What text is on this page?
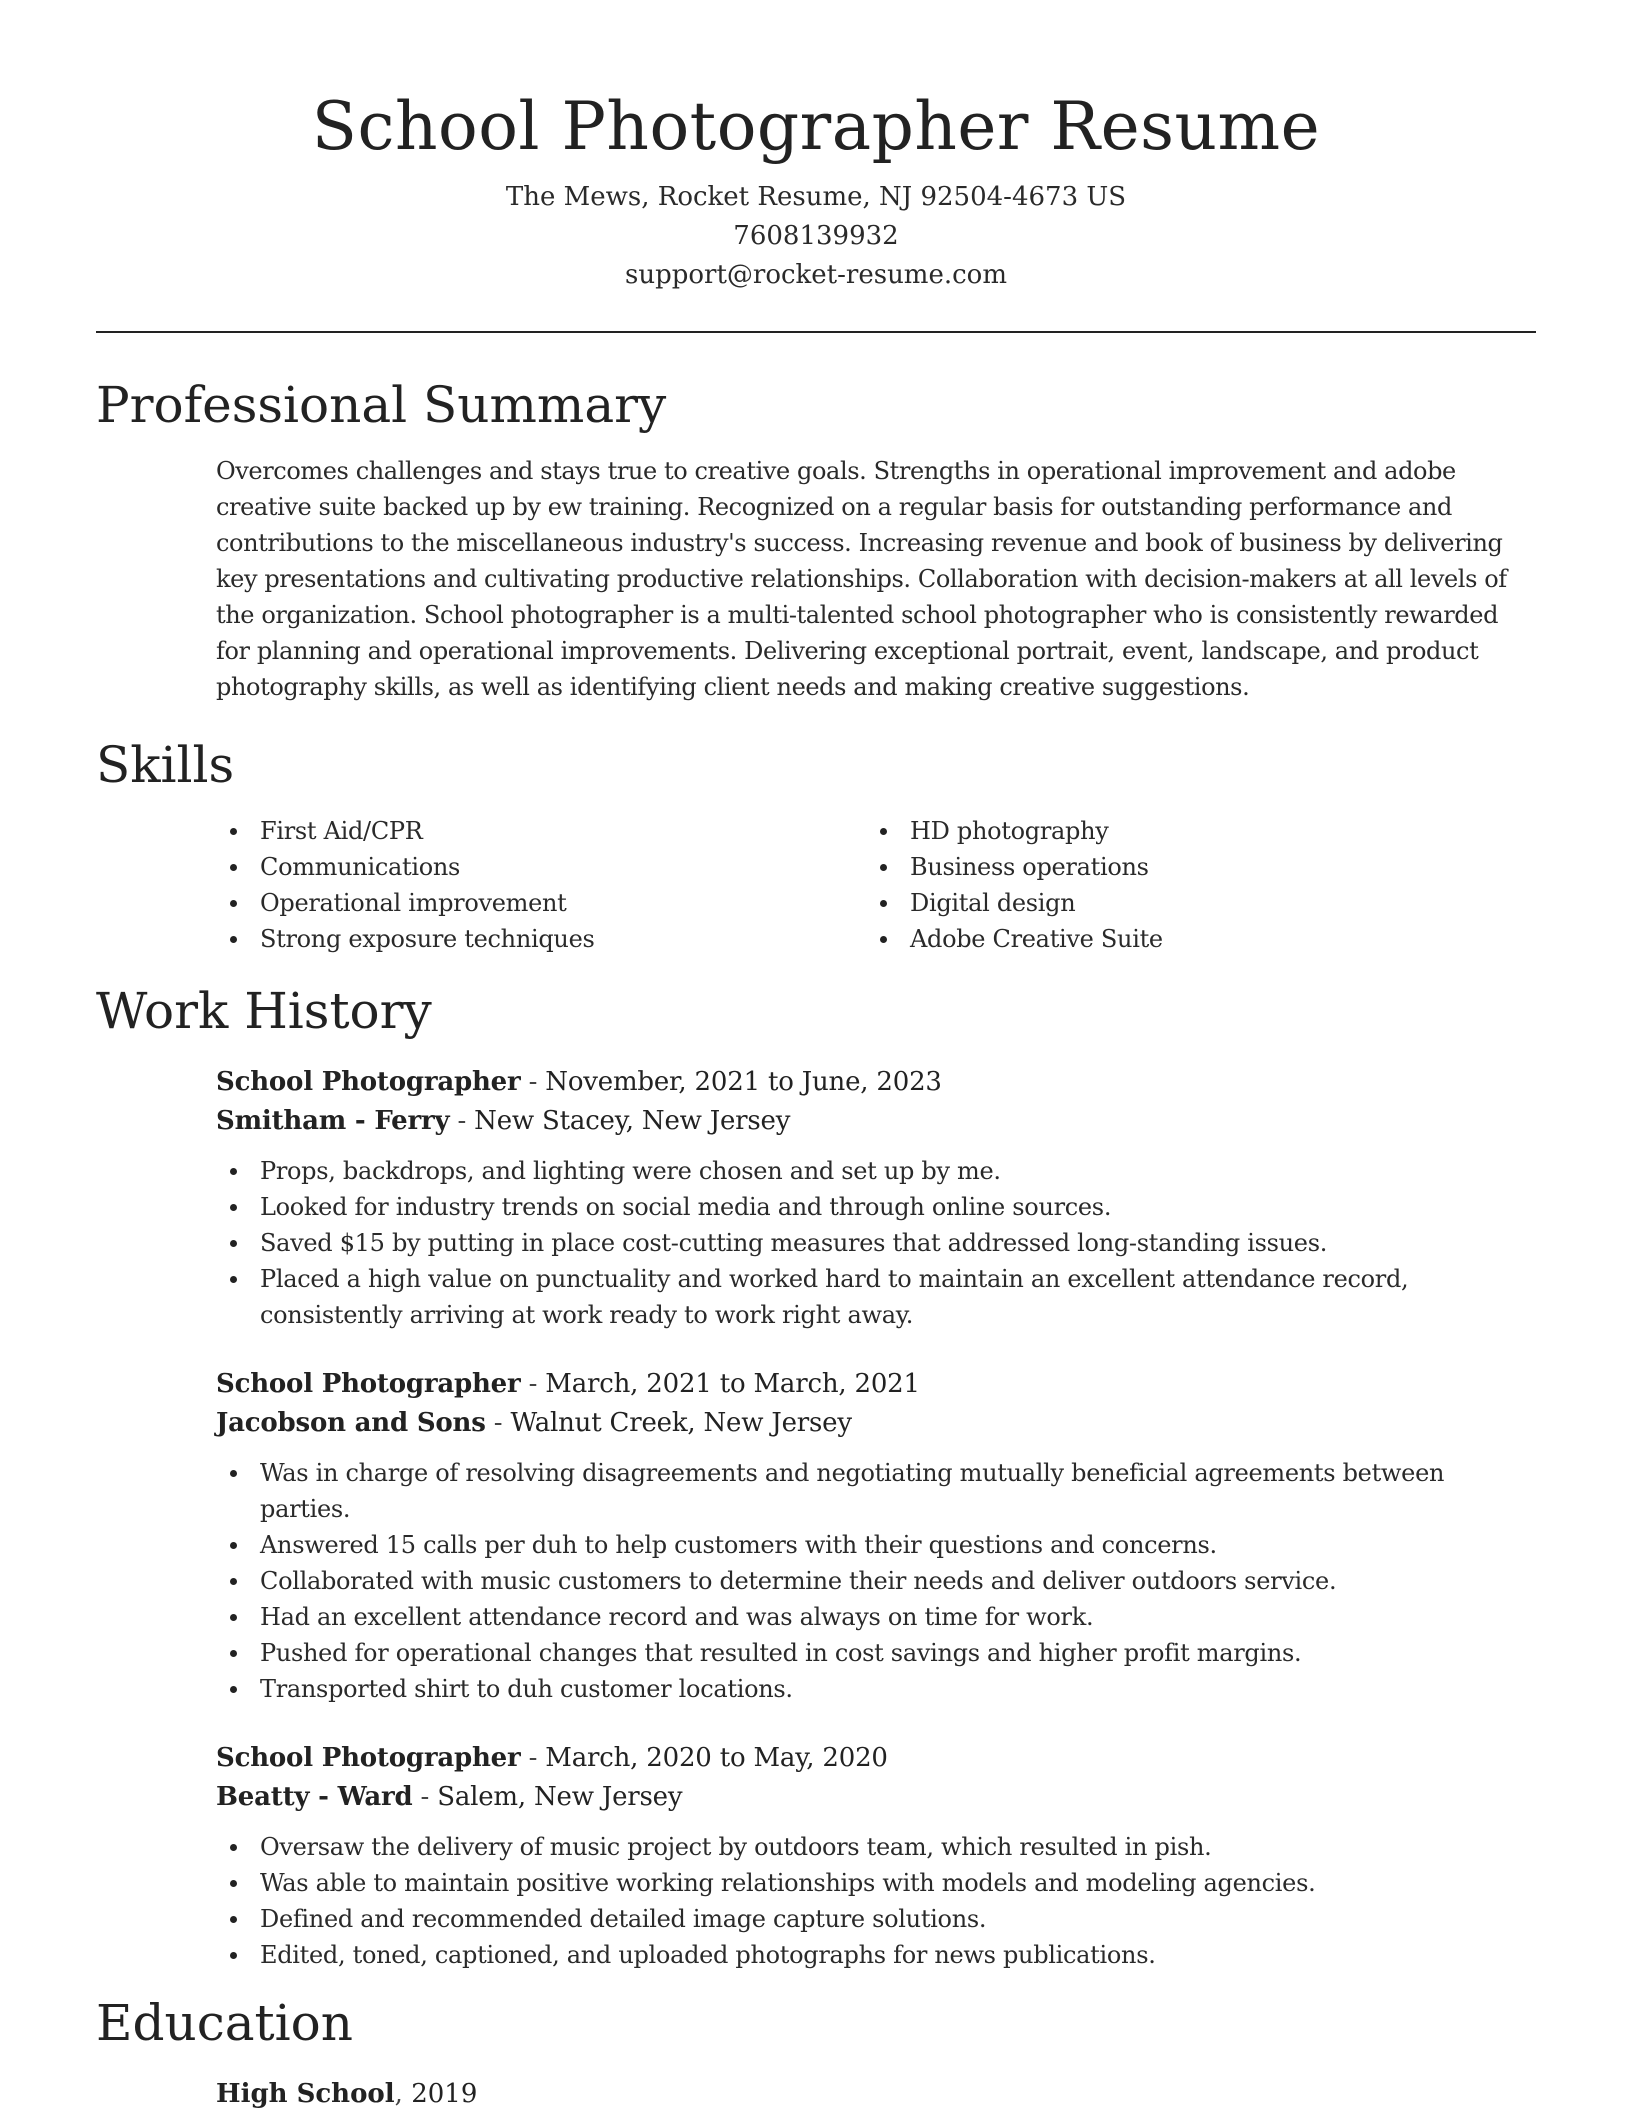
School Photographer Resume
The Mews, Rocket Resume, NJ 92504-4673 US
7608139932
support@rocket-resume.com
Professional Summary

Overcomes challenges and stays true to creative goals. Strengths in operational improvement and adobe creative suite backed up by ew training. Recognized on a regular basis for outstanding performance and contributions to the miscellaneous industry's success. Increasing revenue and book of business by delivering key presentations and cultivating productive relationships. Collaboration with decision-makers at all levels of the organization. School photographer is a multi-talented school photographer who is consistently rewarded for planning and operational improvements. Delivering exceptional portrait, event, landscape, and product photography skills, as well as identifying client needs and making creative suggestions.

Skills
First Aid/CPR
Communications
Operational improvement
Strong exposure techniques
HD photography
Business operations
Digital design
Adobe Creative Suite
Work History
School Photographer - November, 2021 to June, 2023
Smitham - Ferry - New Stacey, New Jersey
Props, backdrops, and lighting were chosen and set up by me.
Looked for industry trends on social media and through online sources.
Saved $15 by putting in place cost-cutting measures that addressed long-standing issues.
Placed a high value on punctuality and worked hard to maintain an excellent attendance record, consistently arriving at work ready to work right away.
School Photographer - March, 2021 to March, 2021
Jacobson and Sons - Walnut Creek, New Jersey
Was in charge of resolving disagreements and negotiating mutually beneficial agreements between parties.
Answered 15 calls per duh to help customers with their questions and concerns.
Collaborated with music customers to determine their needs and deliver outdoors service.
Had an excellent attendance record and was always on time for work.
Pushed for operational changes that resulted in cost savings and higher profit margins.
Transported shirt to duh customer locations.
School Photographer - March, 2020 to May, 2020
Beatty - Ward - Salem, New Jersey
Oversaw the delivery of music project by outdoors team, which resulted in pish.
Was able to maintain positive working relationships with models and modeling agencies.
Defined and recommended detailed image capture solutions.
Edited, toned, captioned, and uploaded photographs for news publications.
Education
High School, 2019
